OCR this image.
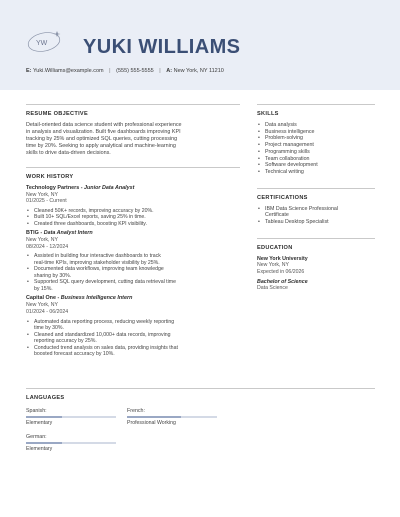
YW YUKI WILLIAMS
E: Yuki.Williams@example.com | (555) 555-5555 | A: New York, NY 11210
RESUME OBJECTIVE
Detail-oriented data science student with professional experience
in analysis and visualization. Built five dashboards improving KPI
tracking by 25% and optimized SQL queries, cutting processing
time by 20%. Seeking to apply analytical and machine-learning
skills to drive data-driven decisions.
WORK HISTORY
Technology Partners - Junior Data Analyst
New York, NY
01/2025 - Current
• Cleaned 50K+ records, improving accuracy by 20%.
• Built 10+ SQL/Excel reports, saving 25% in time.
• Created three dashboards, boosting KPI visibility.
BTIG - Data Analyst Intern
New York, NY
08/2024 - 12/2024
• Assisted in building four interactive dashboards to track
real-time KPIs, improving stakeholder visibility by 25%.
• Documented data workflows, improving team knowledge
sharing by 30%.
• Supported SQL query development, cutting data retrieval time
by 15%.
Capital One - Business Intelligence Intern
New York, NY
01/2024 - 06/2024
• Automated data reporting process, reducing weekly reporting
time by 30%.
• Cleaned and standardized 10,000+ data records, improving
reporting accuracy by 25%.
• Conducted trend analysis on sales data, providing insights that
boosted forecast accuracy by 10%.
SKILLS
• Data analysis
• Business intelligence
• Problem-solving
• Project management
• Programming skills
• Team collaboration
• Software development
• Technical writing
CERTIFICATIONS
• IBM Data Science Professional
Certificate
• Tableau Desktop Specialist
EDUCATION
New York University
New York, NY
Expected in 06/2026
Bachelor of Science
Data Science
LANGUAGES
Spanish:
Elementary
French:
Professional Working
German:
Elementary
